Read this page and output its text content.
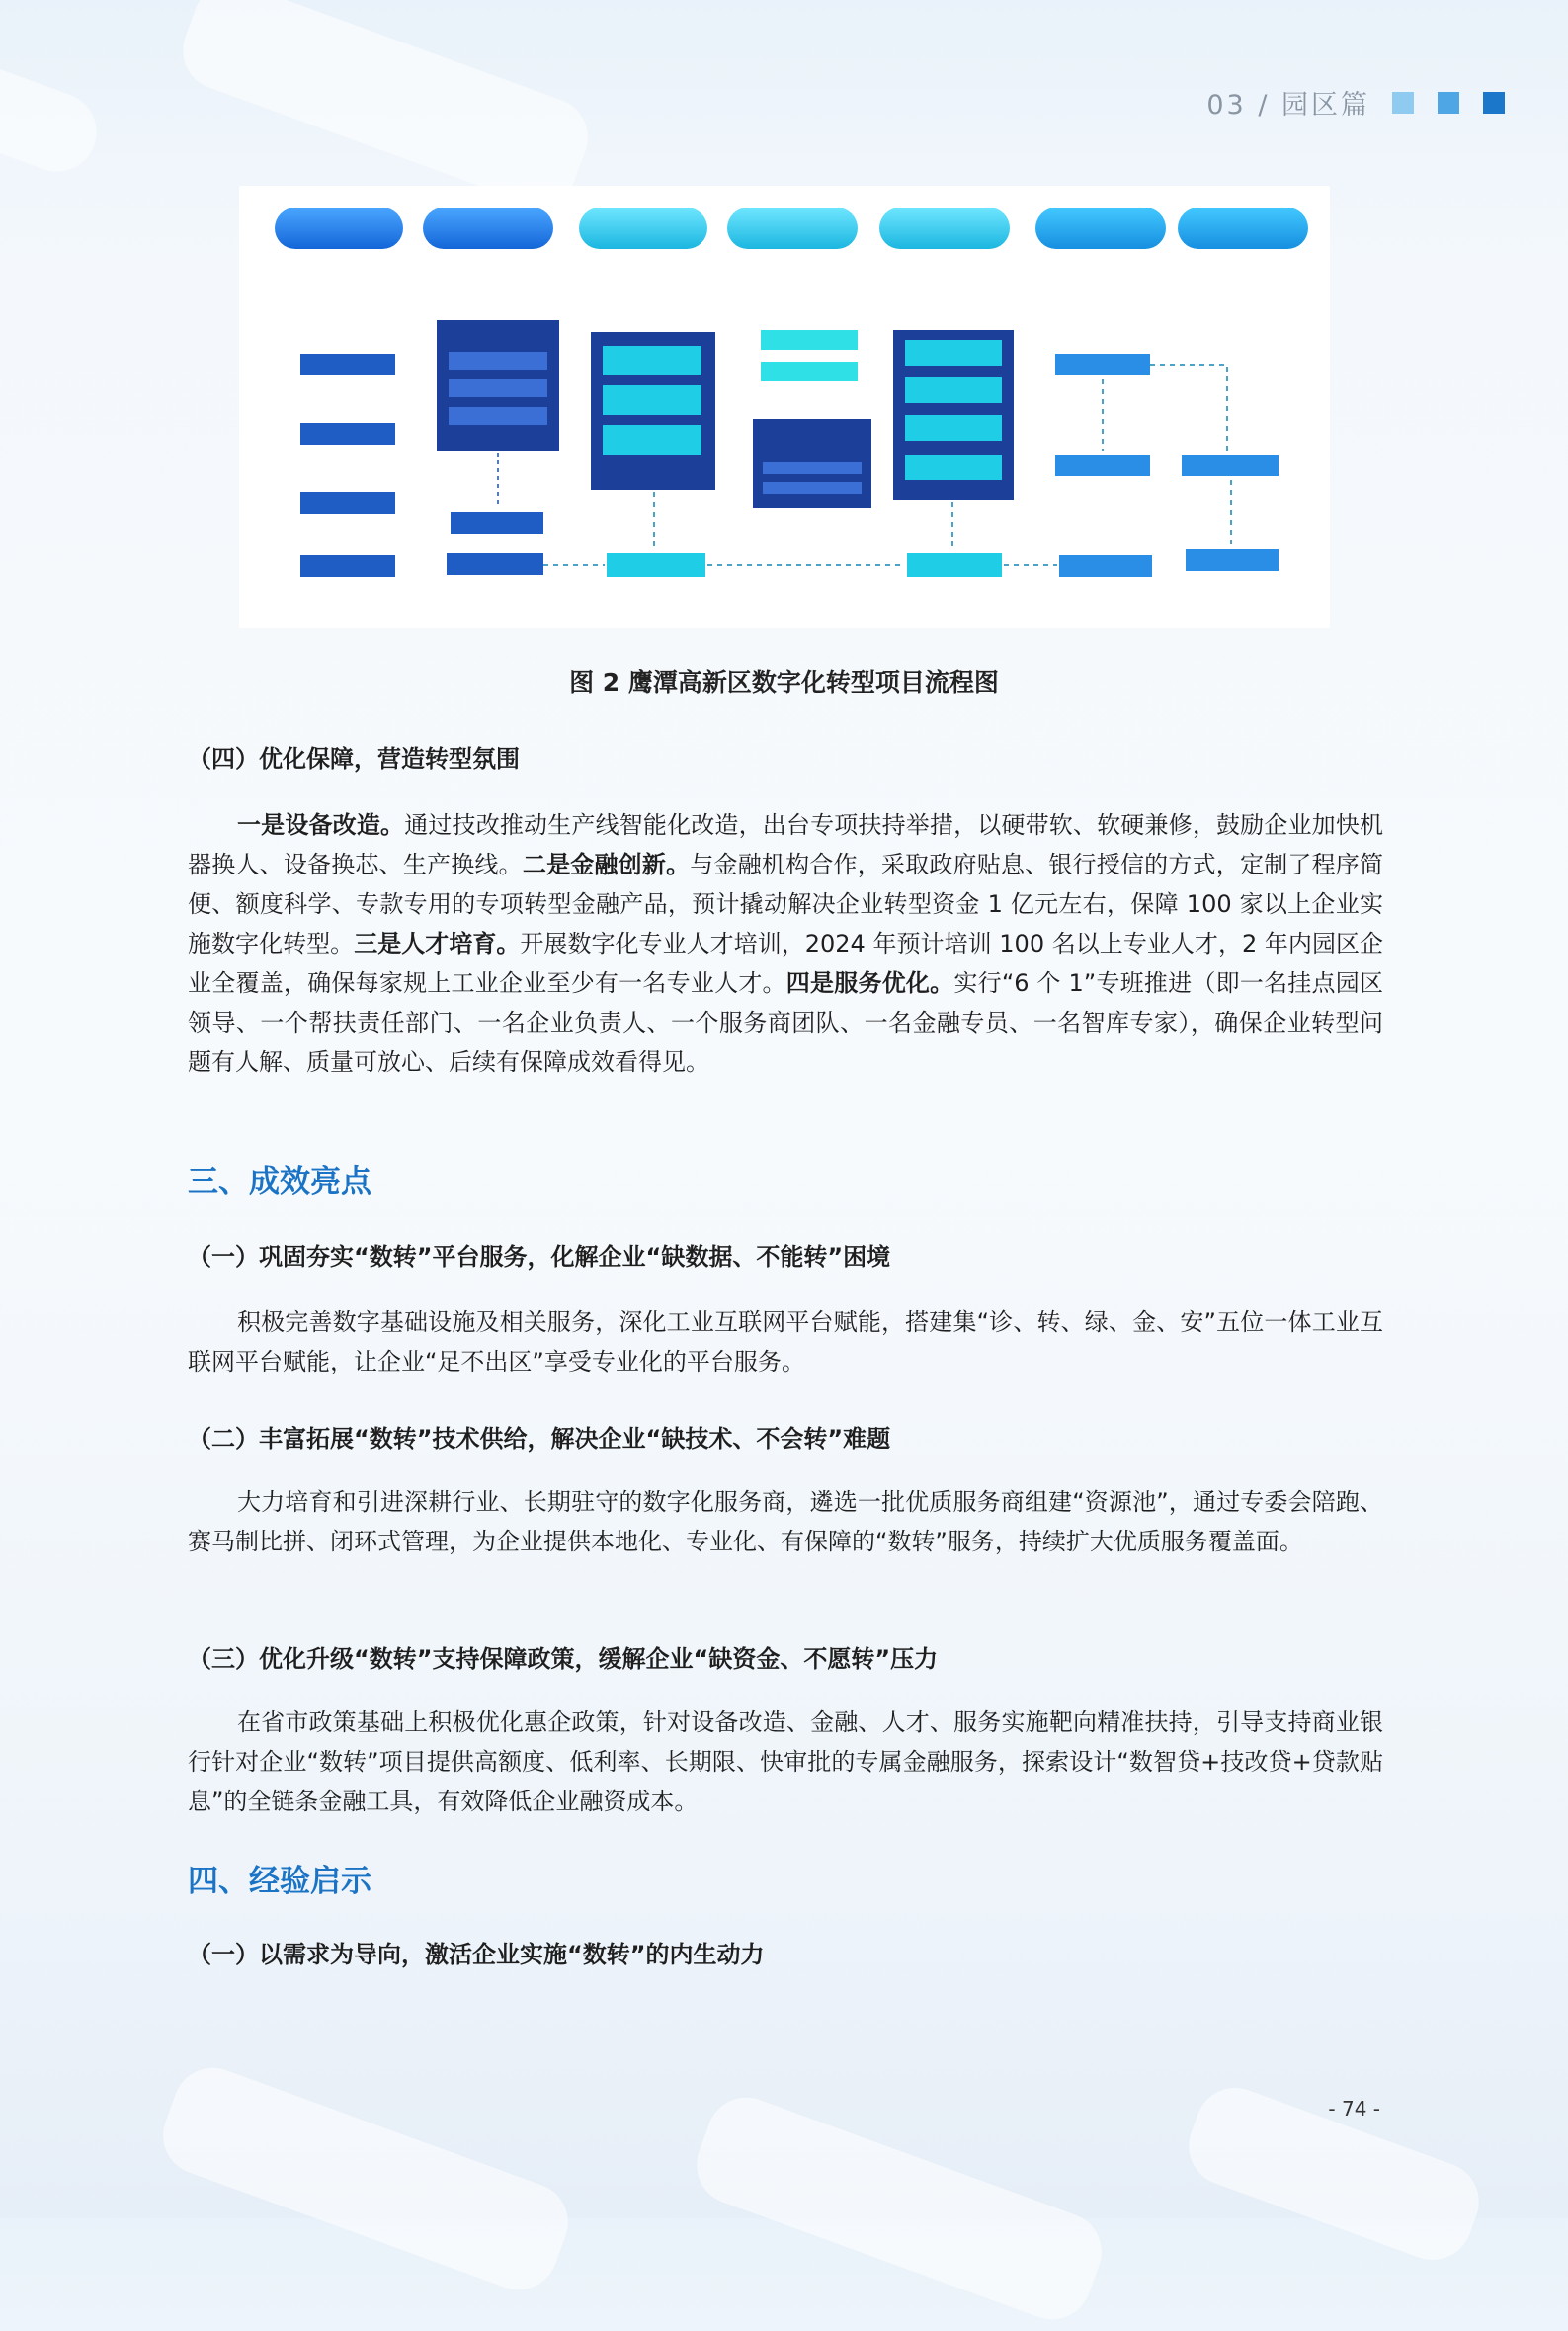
03 / 园区篇
图 2 鹰潭高新区数字化转型项目流程图
（四）优化保障，营造转型氛围

一是设备改造。通过技改推动生产线智能化改造，出台专项扶持举措，以硬带软、软硬兼修，鼓励企业加快机器换人、设备换芯、生产换线。二是金融创新。与金融机构合作，采取政府贴息、银行授信的方式，定制了程序简便、额度科学、专款专用的专项转型金融产品，预计撬动解决企业转型资金 1 亿元左右，保障 100 家以上企业实施数字化转型。三是人才培育。开展数字化专业人才培训，2024 年预计培训 100 名以上专业人才，2 年内园区企业全覆盖，确保每家规上工业企业至少有一名专业人才。四是服务优化。实行“6 个 1”专班推进（即一名挂点园区领导、一个帮扶责任部门、一名企业负责人、一个服务商团队、一名金融专员、一名智库专家），确保企业转型问题有人解、质量可放心、后续有保障成效看得见。

三、成效亮点
（一）巩固夯实“数转”平台服务，化解企业“缺数据、不能转”困境

积极完善数字基础设施及相关服务，深化工业互联网平台赋能，搭建集“诊、转、绿、金、安”五位一体工业互联网平台赋能，让企业“足不出区”享受专业化的平台服务。

（二）丰富拓展“数转”技术供给，解决企业“缺技术、不会转”难题

大力培育和引进深耕行业、长期驻守的数字化服务商，遴选一批优质服务商组建“资源池”，通过专委会陪跑、赛马制比拼、闭环式管理，为企业提供本地化、专业化、有保障的“数转”服务，持续扩大优质服务覆盖面。

（三）优化升级“数转”支持保障政策，缓解企业“缺资金、不愿转”压力

在省市政策基础上积极优化惠企政策，针对设备改造、金融、人才、服务实施靶向精准扶持，引导支持商业银行针对企业“数转”项目提供高额度、低利率、长期限、快审批的专属金融服务，探索设计“数智贷+技改贷+贷款贴息”的全链条金融工具，有效降低企业融资成本。

四、经验启示
（一）以需求为导向，激活企业实施“数转”的内生动力
- 74 -
